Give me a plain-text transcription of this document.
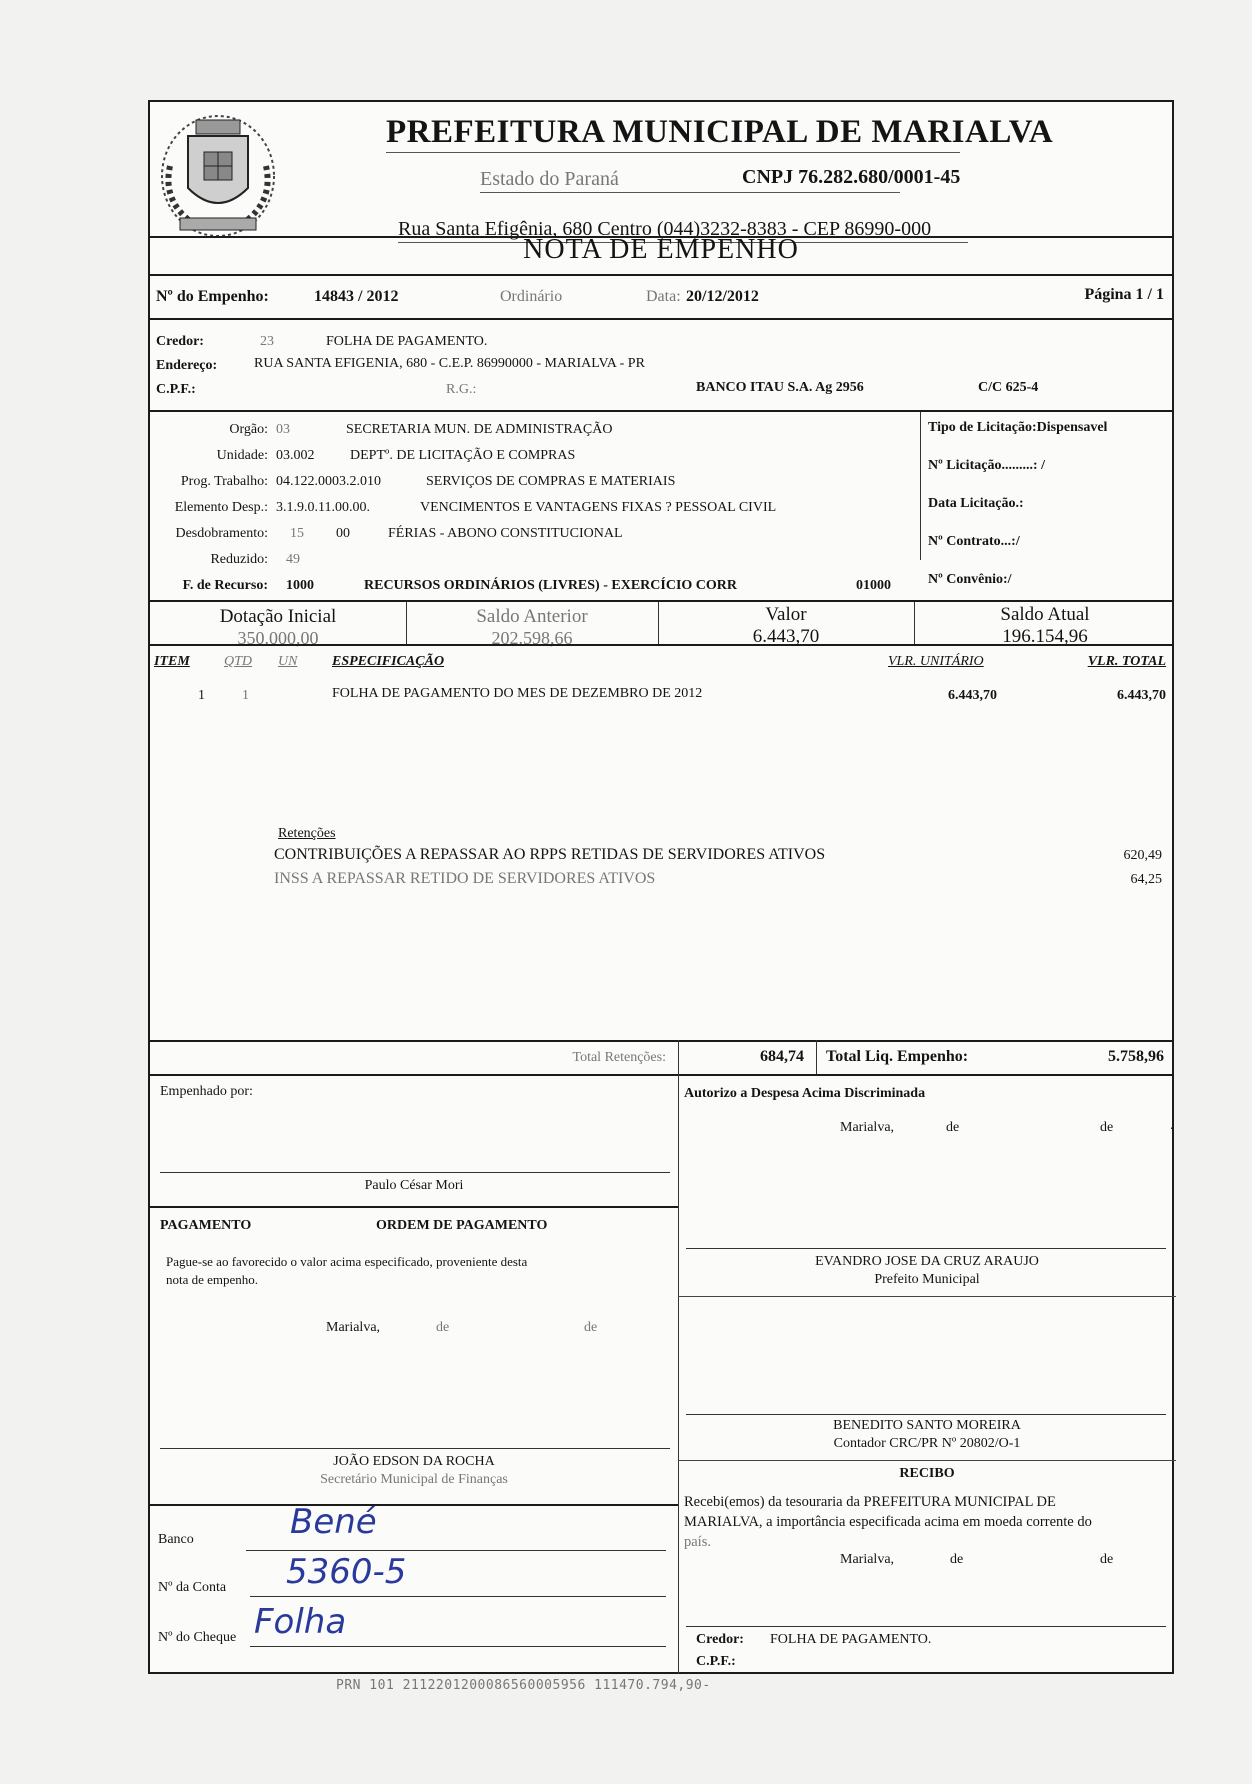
PREFEITURA MUNICIPAL DE MARIALVA
Estado do Paraná	CNPJ 76.282.680/0001-45
Rua Santa Efigênia, 680 Centro (044)3232-8383 - CEP 86990-000
NOTA DE EMPENHO
Nº do Empenho:	14843 / 2012	Ordinário	Data: 20/12/2012	Página 1 / 1
Credor:	23	FOLHA DE PAGAMENTO.
Endereço:	RUA SANTA EFIGENIA, 680 - C.E.P. 86990000 - MARIALVA - PR
C.P.F.:	R.G.:	BANCO ITAU S.A. Ag 2956	C/C 625-4
Orgão: 03	SECRETARIA MUN. DE ADMINISTRAÇÃO
Unidade: 03.002	DEPTº. DE LICITAÇÃO E COMPRAS
Prog. Trabalho: 04.122.0003.2.010	SERVIÇOS DE COMPRAS E MATERIAIS
Elemento Desp.: 3.1.9.0.11.00.00.	VENCIMENTOS E VANTAGENS FIXAS ? PESSOAL CIVIL
Desdobramento: 15 00	FÉRIAS - ABONO CONSTITUCIONAL
Reduzido: 49
F. de Recurso: 1000	RECURSOS ORDINÁRIOS (LIVRES) - EXERCÍCIO CORR	01000
Tipo de Licitação:Dispensavel
Nº Licitação.........: /
Data Licitação.:
Nº Contrato...:/
Nº Convênio:/
Dotação Inicial
350.000,00
Saldo Anterior
202.598,66
Valor
6.443,70
Saldo Atual
196.154,96
ITEM QTD UN ESPECIFICAÇÃO	VLR. UNITÁRIO	VLR. TOTAL
1	1	FOLHA DE PAGAMENTO DO MES DE DEZEMBRO DE 2012	6.443,70	6.443,70
Retenções
CONTRIBUIÇÕES A REPASSAR AO RPPS RETIDAS DE SERVIDORES ATIVOS	620,49
INSS A REPASSAR RETIDO DE SERVIDORES ATIVOS	64,25
Total Retenções:	684,74 Total Liq. Empenho:	5.758,96
Empenhado por:
Paulo César Mori
Autorizo a Despesa Acima Discriminada
Marialva,	de	de	.
PAGAMENTO	ORDEM DE PAGAMENTO
Pague-se ao favorecido o valor acima especificado, proveniente desta
nota de empenho.
Marialva,	de	de
EVANDRO JOSE DA CRUZ ARAUJO
Prefeito Municipal
BENEDITO SANTO MOREIRA
Contador CRC/PR Nº 20802/O-1
JOÃO EDSON DA ROCHA
Secretário Municipal de Finanças	RECIBO
Recebi(emos) da tesouraria da PREFEITURA MUNICIPAL DE
MARIALVA, a importância especificada acima em moeda corrente do
país.
Marialva,	de	de
Banco	Bené
Nº da Conta 5360-5
Nº do Cheque Folha	Credor: FOLHA DE PAGAMENTO.
C.P.F.:
PRN 101 2112201200086560005956 111470.794,90-
